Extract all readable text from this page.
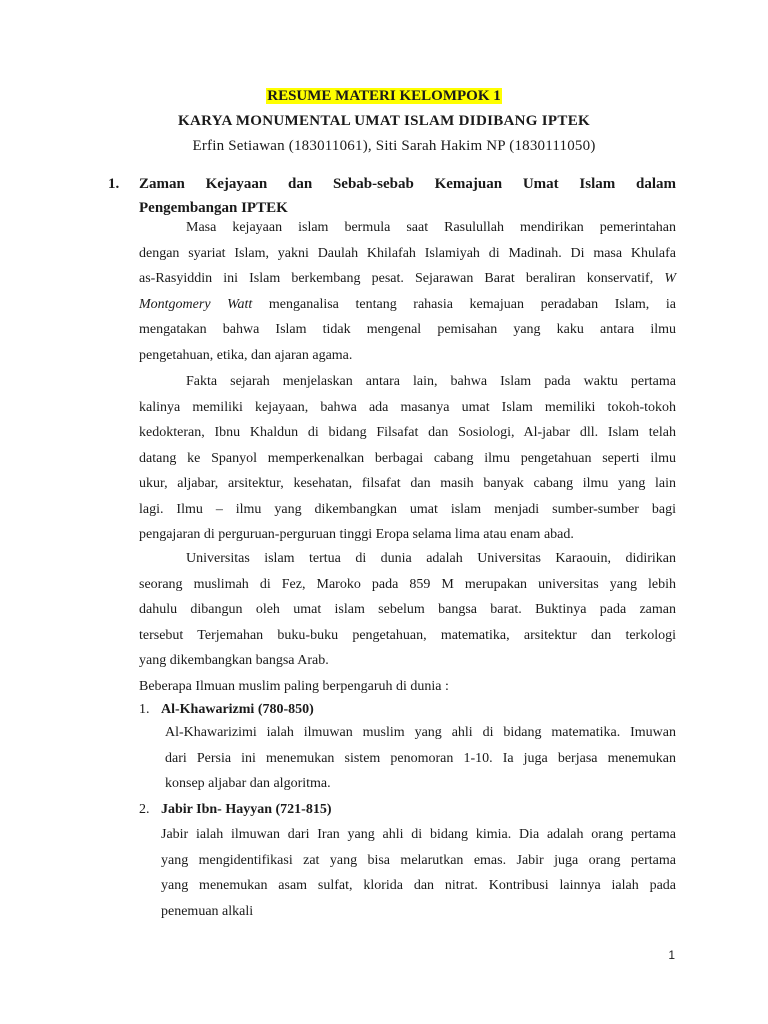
RESUME MATERI KELOMPOK 1
KARYA MONUMENTAL UMAT ISLAM DIDIBANG IPTEK
Erfin Setiawan (183011061), Siti Sarah Hakim NP (1830111050)
1. Zaman Kejayaan dan Sebab-sebab Kemajuan Umat Islam dalam
Pengembangan IPTEK
Masa kejayaan islam bermula saat Rasulullah mendirikan pemerintahan
dengan syariat Islam, yakni Daulah Khilafah Islamiyah di Madinah. Di masa Khulafa
as-Rasyiddin ini Islam berkembang pesat. Sejarawan Barat beraliran konservatif, W
Montgomery Watt menganalisa tentang rahasia kemajuan peradaban Islam, ia
mengatakan bahwa Islam tidak mengenal pemisahan yang kaku antara ilmu
pengetahuan, etika, dan ajaran agama.
Fakta sejarah menjelaskan antara lain, bahwa Islam pada waktu pertama
kalinya memiliki kejayaan, bahwa ada masanya umat Islam memiliki tokoh-tokoh
kedokteran, Ibnu Khaldun di bidang Filsafat dan Sosiologi, Al-jabar dll. Islam telah
datang ke Spanyol memperkenalkan berbagai cabang ilmu pengetahuan seperti ilmu
ukur, aljabar, arsitektur, kesehatan, filsafat dan masih banyak cabang ilmu yang lain
lagi. Ilmu – ilmu yang dikembangkan umat islam menjadi sumber-sumber bagi
pengajaran di perguruan-perguruan tinggi Eropa selama lima atau enam abad.
Universitas islam tertua di dunia adalah Universitas Karaouin, didirikan
seorang muslimah di Fez, Maroko pada 859 M merupakan universitas yang lebih
dahulu dibangun oleh umat islam sebelum bangsa barat. Buktinya pada zaman
tersebut Terjemahan buku-buku pengetahuan, matematika, arsitektur dan terkologi
yang dikembangkan bangsa Arab.
Beberapa Ilmuan muslim paling berpengaruh di dunia :
1. Al-Khawarizmi (780-850)
Al-Khawarizimi ialah ilmuwan muslim yang ahli di bidang matematika. Imuwan
dari Persia ini menemukan sistem penomoran 1-10. Ia juga berjasa menemukan
konsep aljabar dan algoritma.
2. Jabir Ibn- Hayyan (721-815)
Jabir ialah ilmuwan dari Iran yang ahli di bidang kimia. Dia adalah orang pertama
yang mengidentifikasi zat yang bisa melarutkan emas. Jabir juga orang pertama
yang menemukan asam sulfat, klorida dan nitrat. Kontribusi lainnya ialah pada
penemuan alkali
1
